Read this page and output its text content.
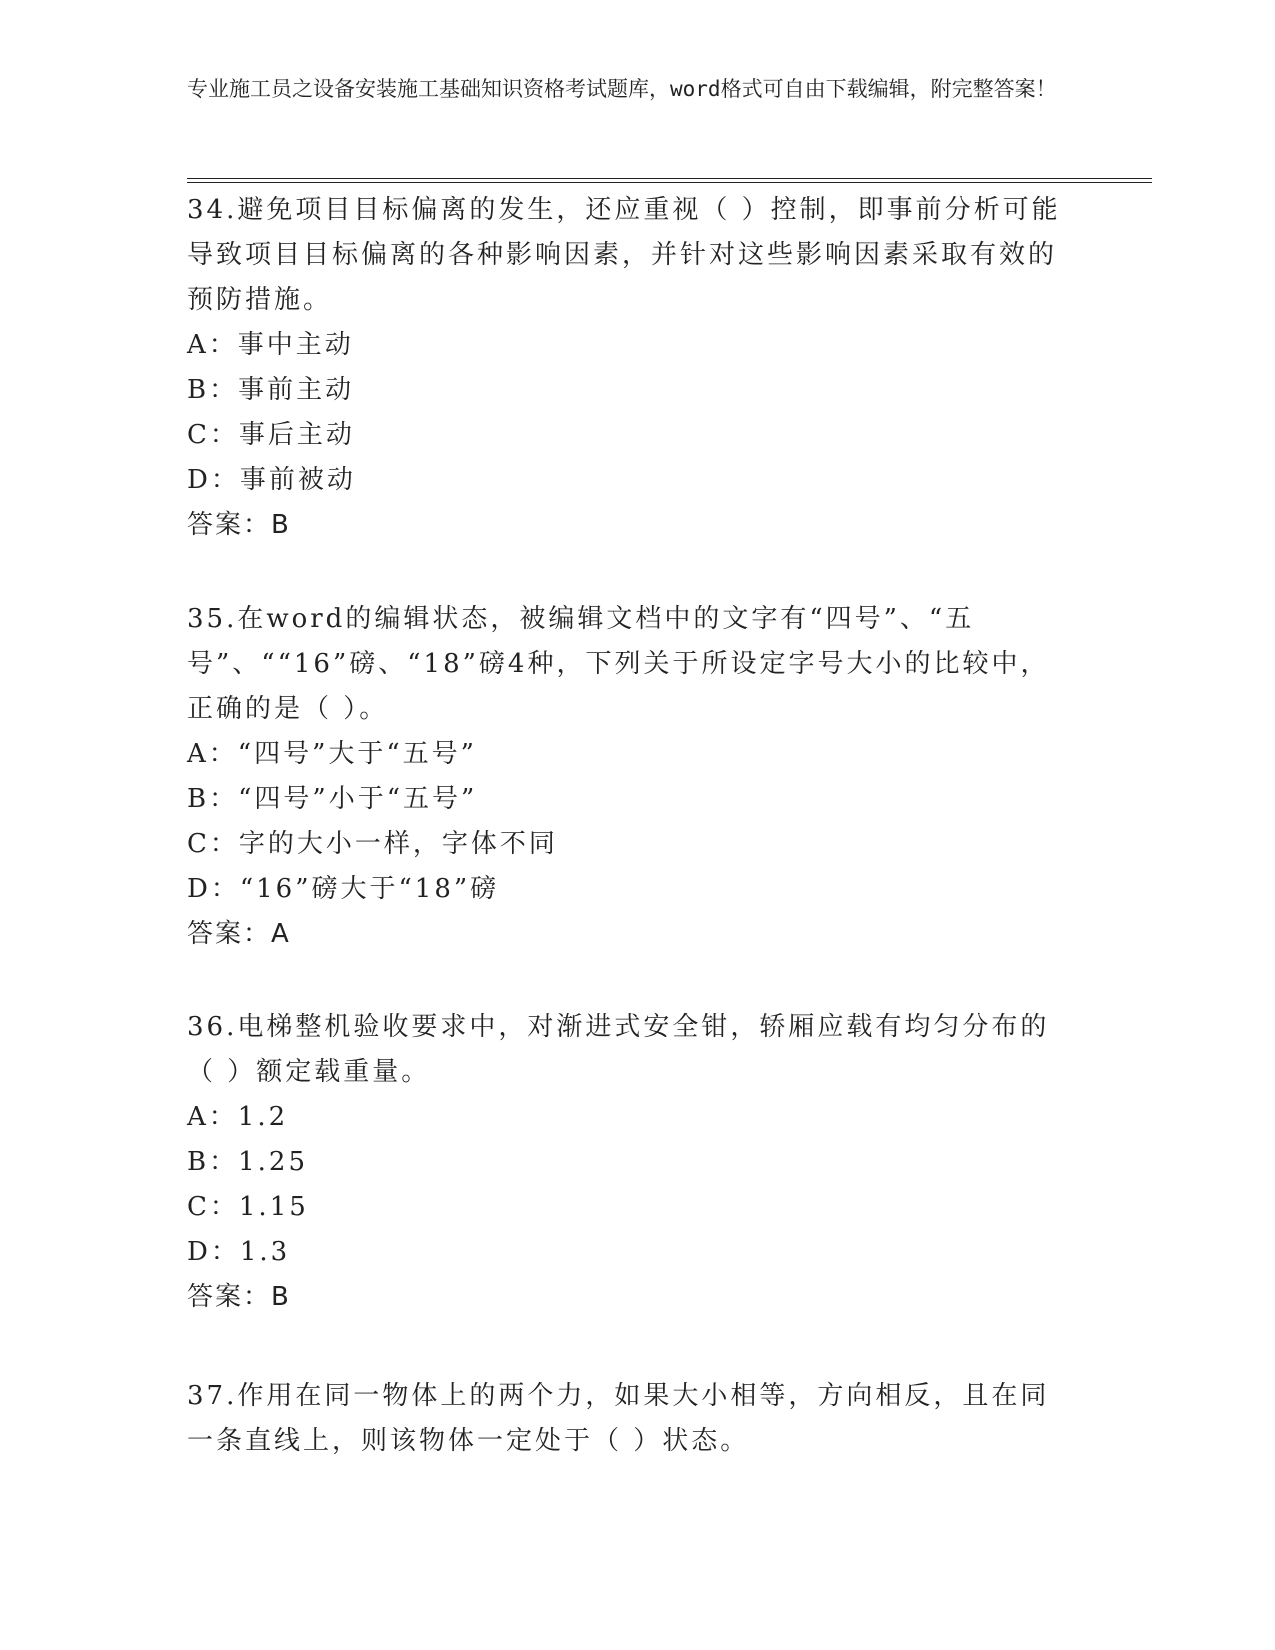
专业施工员之设备安装施工基础知识资格考试题库，word格式可自由下载编辑，附完整答案！

34.避免项目目标偏离的发生，还应重视（ ）控制，即事前分析可能导致项目目标偏离的各种影响因素，并针对这些影响因素采取有效的预防措施。

A：事中主动
B：事前主动
C：事后主动
D：事前被动
答案：B

35.在word的编辑状态，被编辑文档中的文字有“四号”、“五号”、““16”磅、“18”磅4种，下列关于所设定字号大小的比较中，正确的是（ ）。

A：“四号”大于“五号”
B：“四号”小于“五号”
C：字的大小一样，字体不同
D：“16”磅大于“18”磅
答案：A

36.电梯整机验收要求中，对渐进式安全钳，轿厢应载有均匀分布的（ ）额定载重量。

A：1.2
B：1.25
C：1.15
D：1.3
答案：B

37.作用在同一物体上的两个力，如果大小相等，方向相反，且在同一条直线上，则该物体一定处于（ ）状态。
